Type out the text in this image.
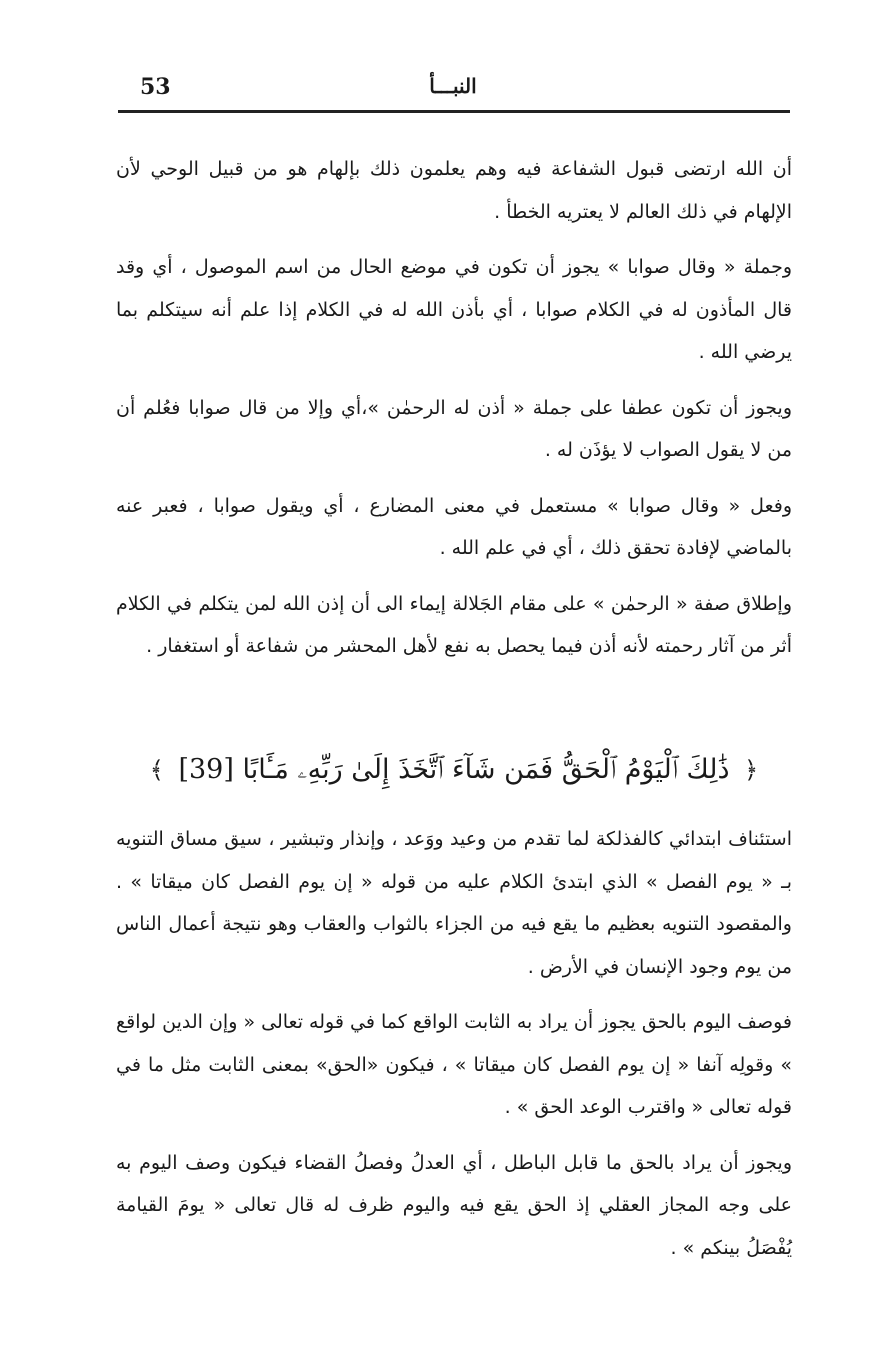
53	النبـــأ

أن الله ارتضى قبول الشفاعة فيه وهم يعلمون ذلك بإلهام هو من قبيل الوحي لأن الإلهام في ذلك العالم لا يعتريه الخطأ .

وجملة « وقال صوابا » يجوز أن تكون في موضع الحال من اسم الموصول ، أي وقد قال المأذون له في الكلام صوابا ، أي بأذن الله له في الكلام إذا علم أنه سيتكلم بما يرضي الله .

ويجوز أن تكون عطفا على جملة « أذن له الرحمٰن »،أي وإلا من قال صوابا فعُلم أن من لا يقول الصواب لا يؤذَن له .

وفعل « وقال صوابا » مستعمل في معنى المضارع ، أي ويقول صوابا ، فعبر عنه بالماضي لإفادة تحقق ذلك ، أي في علم الله .

وإطلاق صفة « الرحمٰن » على مقام الجَلالة إيماء الى أن إذن الله لمن يتكلم في الكلام أثر من آثار رحمته لأنه أذن فيما يحصل به نفع لأهل المحشر من شفاعة أو استغفار .

﴿ ذَٰلِكَ ٱلْيَوْمُ ٱلْحَقُّ فَمَن شَآءَ ٱتَّخَذَ إِلَىٰ رَبِّهِۦ مَـَٔابًا [39] ﴾

استئناف ابتدائي كالفذلكة لما تقدم من وعيد ووَعد ، وإنذار وتبشير ، سيق مساق التنويه بـ « يوم الفصل » الذي ابتدئ الكلام عليه من قوله « إن يوم الفصل كان ميقاتا » . والمقصود التنويه بعظيم ما يقع فيه من الجزاء بالثواب والعقاب وهو نتيجة أعمال الناس من يوم وجود الإنسان في الأرض .

فوصف اليوم بالحق يجوز أن يراد به الثابت الواقع كما في قوله تعالى « وإن الدين لواقع » وقولِه آنفا « إن يوم الفصل كان ميقاتا » ، فيكون «الحق» بمعنى الثابت مثل ما في قوله تعالى « واقترب الوعد الحق » .

ويجوز أن يراد بالحق ما قابل الباطل ، أي العدلُ وفصلُ القضاء فيكون وصف اليوم به على وجه المجاز العقلي إذ الحق يقع فيه واليوم ظرف له قال تعالى « يومَ القيامة يُفْصَلُ بينكم » .
